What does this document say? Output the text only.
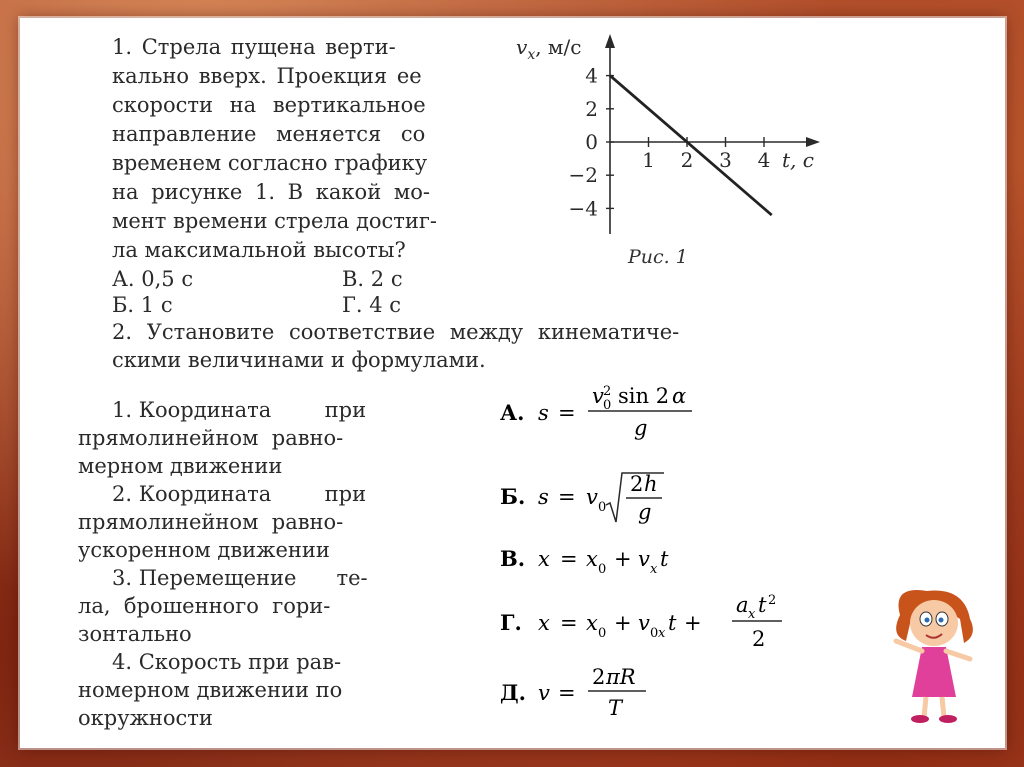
1. Стрела пущена верти-
кально вверх. Проекция ее
скорости на вертикальное
направление меняется со
временем согласно графику
на рисунке 1. В какой мо-
мент времени стрела достиг-
ла максимальной высоты?
А. 0,5 с	В. 2 с
Б. 1 с	Г. 4 с
4
2
0
−2
−4
1 2 3 4 t, с
$v_x$, м/с
Рис. 1
2. Установите соответствие между кинематиче-
скими величинами и формулами.
1. Координата        при
прямолинейном  равно-
мерном движении
2. Координата        при
прямолинейном  равно-
ускоренном движении
3. Перемещение      те-
ла,  брошенного  гори-
зонтально
4. Скорость при рав-
номерном движении по
окружности
А. s =
v 2
0 sin 2 α
g
Б. s = v 0
2 h
g
В. x = x 0 + v x t
Г. x = x 0 + v 0 x t +
a x t 2
2
Д. v =
2 πR
T
